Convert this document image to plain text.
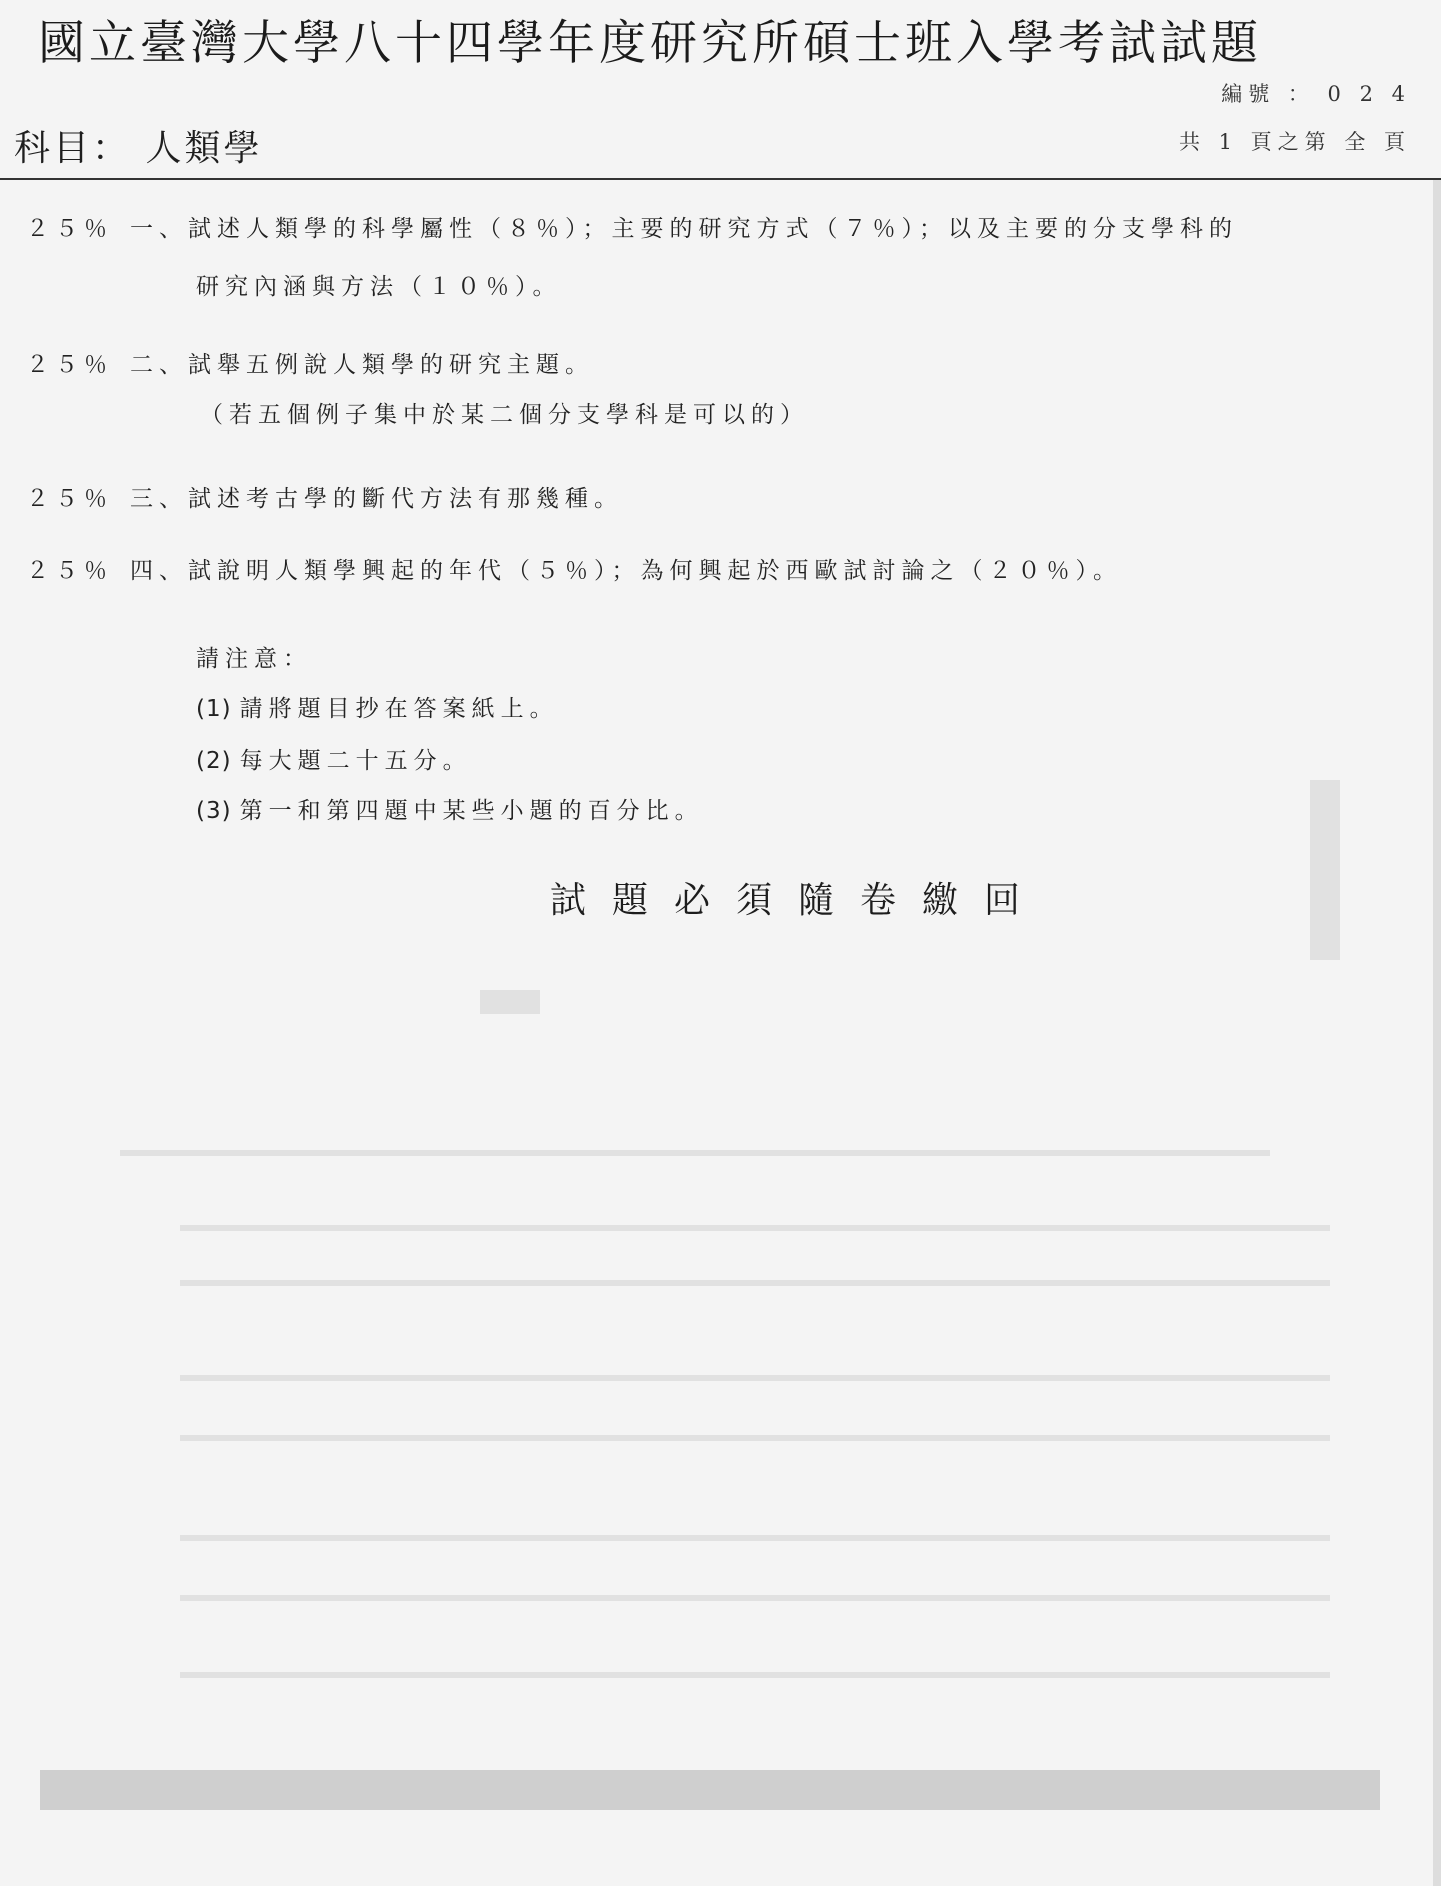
國立臺灣大學八十四學年度研究所碩士班入學考試試題
編號 ： 0 2 4
科目： 人類學	共 1 頁之第 全 頁
２５％ 一、試述人類學的科學屬性（８％）；主要的研究方式（７％）；以及主要的分支學科的
研究內涵與方法（１０％）。
２５％ 二、試舉五例說人類學的研究主題。
（若五個例子集中於某二個分支學科是可以的）
２５％ 三、試述考古學的斷代方法有那幾種。
２５％ 四、試說明人類學興起的年代（５％）；為何興起於西歐試討論之（２０％）。
請注意：
(1) 請將題目抄在答案紙上。
(2) 每大題二十五分。
(3) 第一和第四題中某些小題的百分比。
試題必須隨卷繳回
